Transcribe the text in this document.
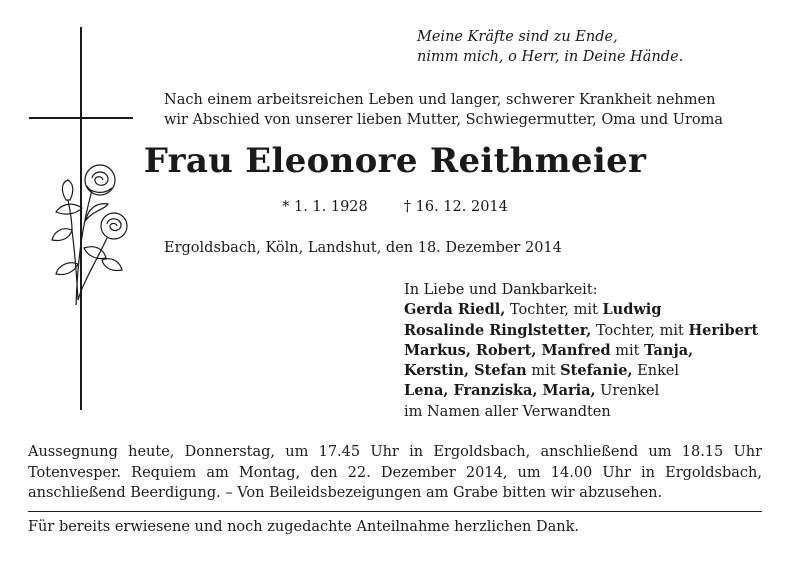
Meine Kräfte sind zu Ende,
nimm mich, o Herr, in Deine Hände.
Nach einem arbeitsreichen Leben und langer, schwerer Krankheit nehmen
wir Abschied von unserer lieben Mutter, Schwiegermutter, Oma und Uroma
Frau Eleonore Reithmeier
* 1. 1. 1928 † 16. 12. 2014
Ergoldsbach, Köln, Landshut, den 18. Dezember 2014
In Liebe und Dankbarkeit:
Gerda Riedl, Tochter, mit Ludwig
Rosalinde Ringlstetter, Tochter, mit Heribert
Markus, Robert, Manfred mit Tanja,
Kerstin, Stefan mit Stefanie, Enkel
Lena, Franziska, Maria, Urenkel
im Namen aller Verwandten
Aussegnung heute, Donnerstag, um 17.45 Uhr in Ergoldsbach, anschließend um 18.15 Uhr Totenvesper. Requiem am Montag, den 22. Dezember 2014, um 14.00 Uhr in Ergoldsbach, anschließend Beerdigung. – Von Beileidsbezeigungen am Grabe bitten wir abzusehen.
Für bereits erwiesene und noch zugedachte Anteilnahme herzlichen Dank.
